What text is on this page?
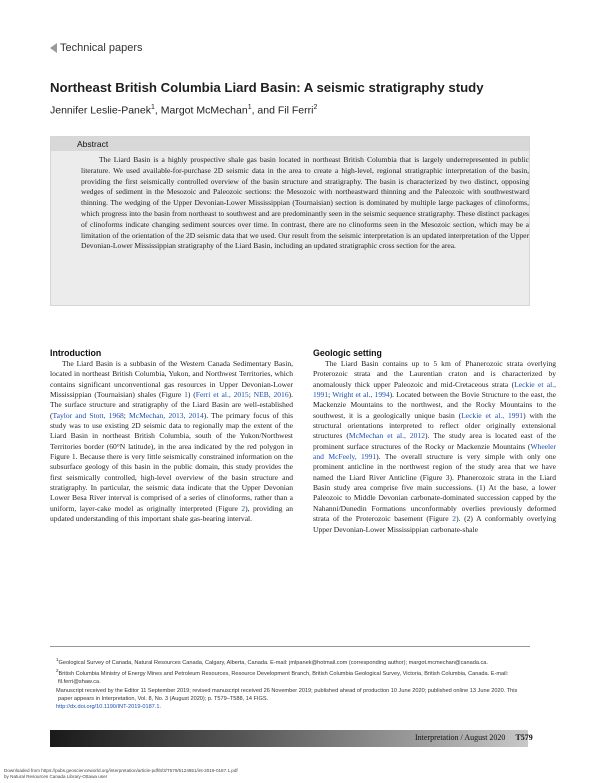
Technical papers
Northeast British Columbia Liard Basin: A seismic stratigraphy study
Jennifer Leslie-Panek$^1$, Margot McMechan$^1$, and Fil Ferri$^2$
Abstract

The Liard Basin is a highly prospective shale gas basin located in northeast British Columbia that is largely underrepresented in public literature. We used available-for-purchase 2D seismic data in the area to create a high-level, regional stratigraphic interpretation of the basin, providing the first seismically controlled overview of the basin structure and stratigraphy. The basin is characterized by two distinct, opposing wedges of sediment in the Mesozoic and Paleozoic sections: the Mesozoic with northeastward thinning and the Paleozoic with southwestward thinning. The wedging of the Upper Devonian-Lower Mississippian (Tournaisian) section is dominated by multiple large packages of clinoforms, which progress into the basin from northeast to southwest and are predominantly seen in the seismic sequence stratigraphy. These distinct packages of clinoforms indicate changing sediment sources over time. In contrast, there are no clinoforms seen in the Mesozoic section, which may be a limitation of the orientation of the 2D seismic data that we used. Our result from the seismic interpretation is an updated interpretation of the Upper Devonian-Lower Mississippian stratigraphy of the Liard Basin, including an updated stratigraphic cross section for the area.

Introduction

The Liard Basin is a subbasin of the Western Canada Sedimentary Basin, located in northeast British Columbia, Yukon, and Northwest Territories, which contains significant unconventional gas resources in Upper Devonian-Lower Mississippian (Tournaisian) shales (Figure 1) (Ferri et al., 2015; NEB, 2016). The surface structure and stratigraphy of the Liard Basin are well-established (Taylor and Stott, 1968; McMechan, 2013, 2014). The primary focus of this study was to use existing 2D seismic data to regionally map the extent of the Liard Basin in northeast British Columbia, south of the Yukon/Northwest Territories border (60°N latitude), in the area indicated by the red polygon in Figure 1. Because there is very little seismically constrained information on the subsurface geology of this basin in the public domain, this study provides the first seismically controlled, high-level overview of the basin structure and stratigraphy. In particular, the seismic data indicate that the Upper Devonian Lower Besa River interval is comprised of a series of clinoforms, rather than a uniform, layer-cake model as originally interpreted (Figure 2), providing an updated understanding of this important shale gas-bearing interval.

Geologic setting

The Liard Basin contains up to 5 km of Phanerozoic strata overlying Proterozoic strata and the Laurentian craton and is characterized by anomalously thick upper Paleozoic and mid-Cretaceous strata (Leckie et al., 1991; Wright et al., 1994). Located between the Bovie Structure to the east, the Mackenzie Mountains to the northwest, and the Rocky Mountains to the southwest, it is a geologically unique basin (Leckie et al., 1991) with the structural orientations interpreted to reflect older originally extensional structures (McMechan et al., 2012). The study area is located east of the prominent surface structures of the Rocky or Mackenzie Mountains (Wheeler and McFeely, 1991). The overall structure is very simple with only one prominent anticline in the northwest region of the study area that we have named the Liard River Anticline (Figure 3). Phanerozoic strata in the Liard Basin study area comprise five main successions. (1) At the base, a lower Paleozoic to Middle Devonian carbonate-dominated succession capped by the Nahanni/Dunedin Formations unconformably overlies previously deformed strata of the Proterozoic basement (Figure 2). (2) A conformably overlying Upper Devonian-Lower Mississippian carbonate-shale

$^1$Geological Survey of Canada, Natural Resources Canada, Calgary, Alberta, Canada. E-mail: jmlpanek@hotmail.com (corresponding author); margot.mcmechan@canada.ca.

$^2$British Columbia Ministry of Energy Mines and Petroleum Resources, Resource Development Branch, British Columbia Geological Survey, Victoria, British Columbia, Canada. E-mail: fil.ferri@shaw.ca.

Manuscript received by the Editor 11 September 2019; revised manuscript received 26 November 2019; published ahead of production 10 June 2020; published online 13 June 2020. This paper appears in Interpretation, Vol. 8, No. 3 (August 2020); p. T579–T588, 14 FIGS.

http://dx.doi.org/10.1190/INT-2019-0187.1.

Interpretation / August 2020 T579
Downloaded from https://pubs.geoscienceworld.org/interpretation/article-pdf/8/3/T579/5124651/int-2019-0187.1.pdf
by Natural Resources Canada Library-Ottawa user
